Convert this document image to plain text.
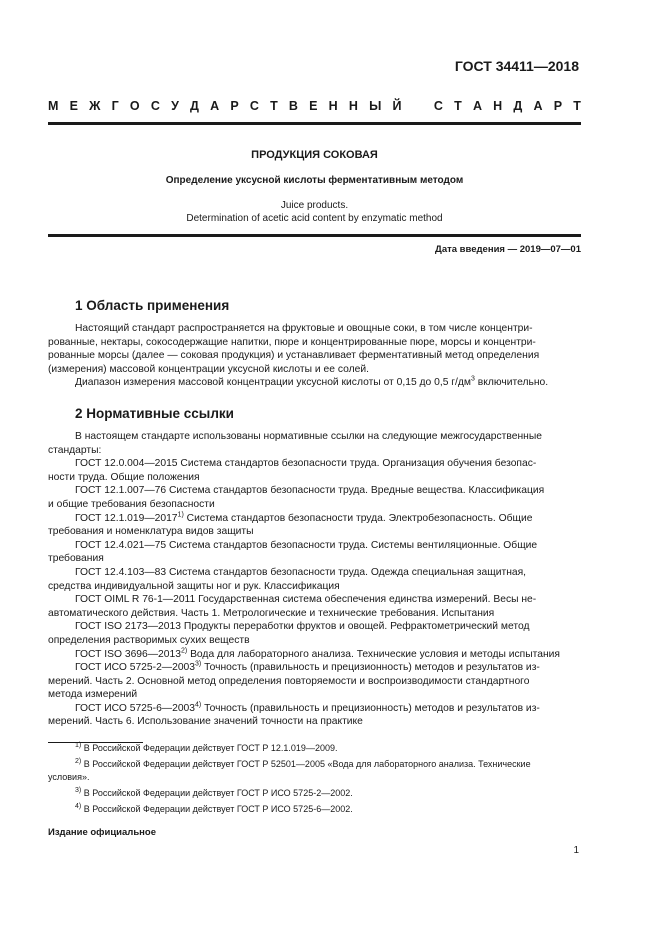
ГОСТ 34411—2018
М Е Ж Г О С У Д А Р С Т В Е Н Н Ы Й	С Т А Н Д А Р Т
ПРОДУКЦИЯ СОКОВАЯ
Определение уксусной кислоты ферментативным методом
Juice products.
Determination of acetic acid content by enzymatic method
Дата введения — 2019—07—01
1 Область применения
Настоящий стандарт распространяется на фруктовые и овощные соки, в том числе концентри-
рованные, нектары, сокосодержащие напитки, пюре и концентрированные пюре, морсы и концентри-
рованные морсы (далее — соковая продукция) и устанавливает ферментативный метод определения
(измерения) массовой концентрации уксусной кислоты и ее солей.
Диапазон измерения массовой концентрации уксусной кислоты от 0,15 до 0,5 $г/дм^3$ включительно.
2 Нормативные ссылки
В настоящем стандарте использованы нормативные ссылки на следующие межгосударственные
стандарты:
ГОСТ 12.0.004—2015 Система стандартов безопасности труда. Организация обучения безопас-
ности труда. Общие положения
ГОСТ 12.1.007—76 Система стандартов безопасности труда. Вредные вещества. Классификация
и общие требования безопасности
ГОСТ 12.1.019—2017$^{1)}$ Система стандартов безопасности труда. Электробезопасность. Общие
требования и номенклатура видов защиты
ГОСТ 12.4.021—75 Система стандартов безопасности труда. Системы вентиляционные. Общие
требования
ГОСТ 12.4.103—83 Система стандартов безопасности труда. Одежда специальная защитная,
средства индивидуальной защиты ног и рук. Классификация
ГОСТ OIML R 76-1—2011 Государственная система обеспечения единства измерений. Весы не-
автоматического действия. Часть 1. Метрологические и технические требования. Испытания
ГОСТ ISO 2173—2013 Продукты переработки фруктов и овощей. Рефрактометрический метод
определения растворимых сухих веществ
ГОСТ ISO 3696—2013$^{2)}$ Вода для лабораторного анализа. Технические условия и методы испытания
ГОСТ ИСО 5725-2—2003$^{3)}$ Точность (правильность и прецизионность) методов и результатов из-
мерений. Часть 2. Основной метод определения повторяемости и воспроизводимости стандартного
метода измерений
ГОСТ ИСО 5725-6—2003$^{4)}$ Точность (правильность и прецизионность) методов и результатов из-
мерений. Часть 6. Использование значений точности на практике
$^{1)}$ В Российской Федерации действует ГОСТ Р 12.1.019—2009.
$^{2)}$ В Российской Федерации действует ГОСТ Р 52501—2005 «Вода для лабораторного анализа. Технические
условия».
$^{3)}$ В Российской Федерации действует ГОСТ Р ИСО 5725-2—2002.
$^{4)}$ В Российской Федерации действует ГОСТ Р ИСО 5725-6—2002.
Издание официальное
1
